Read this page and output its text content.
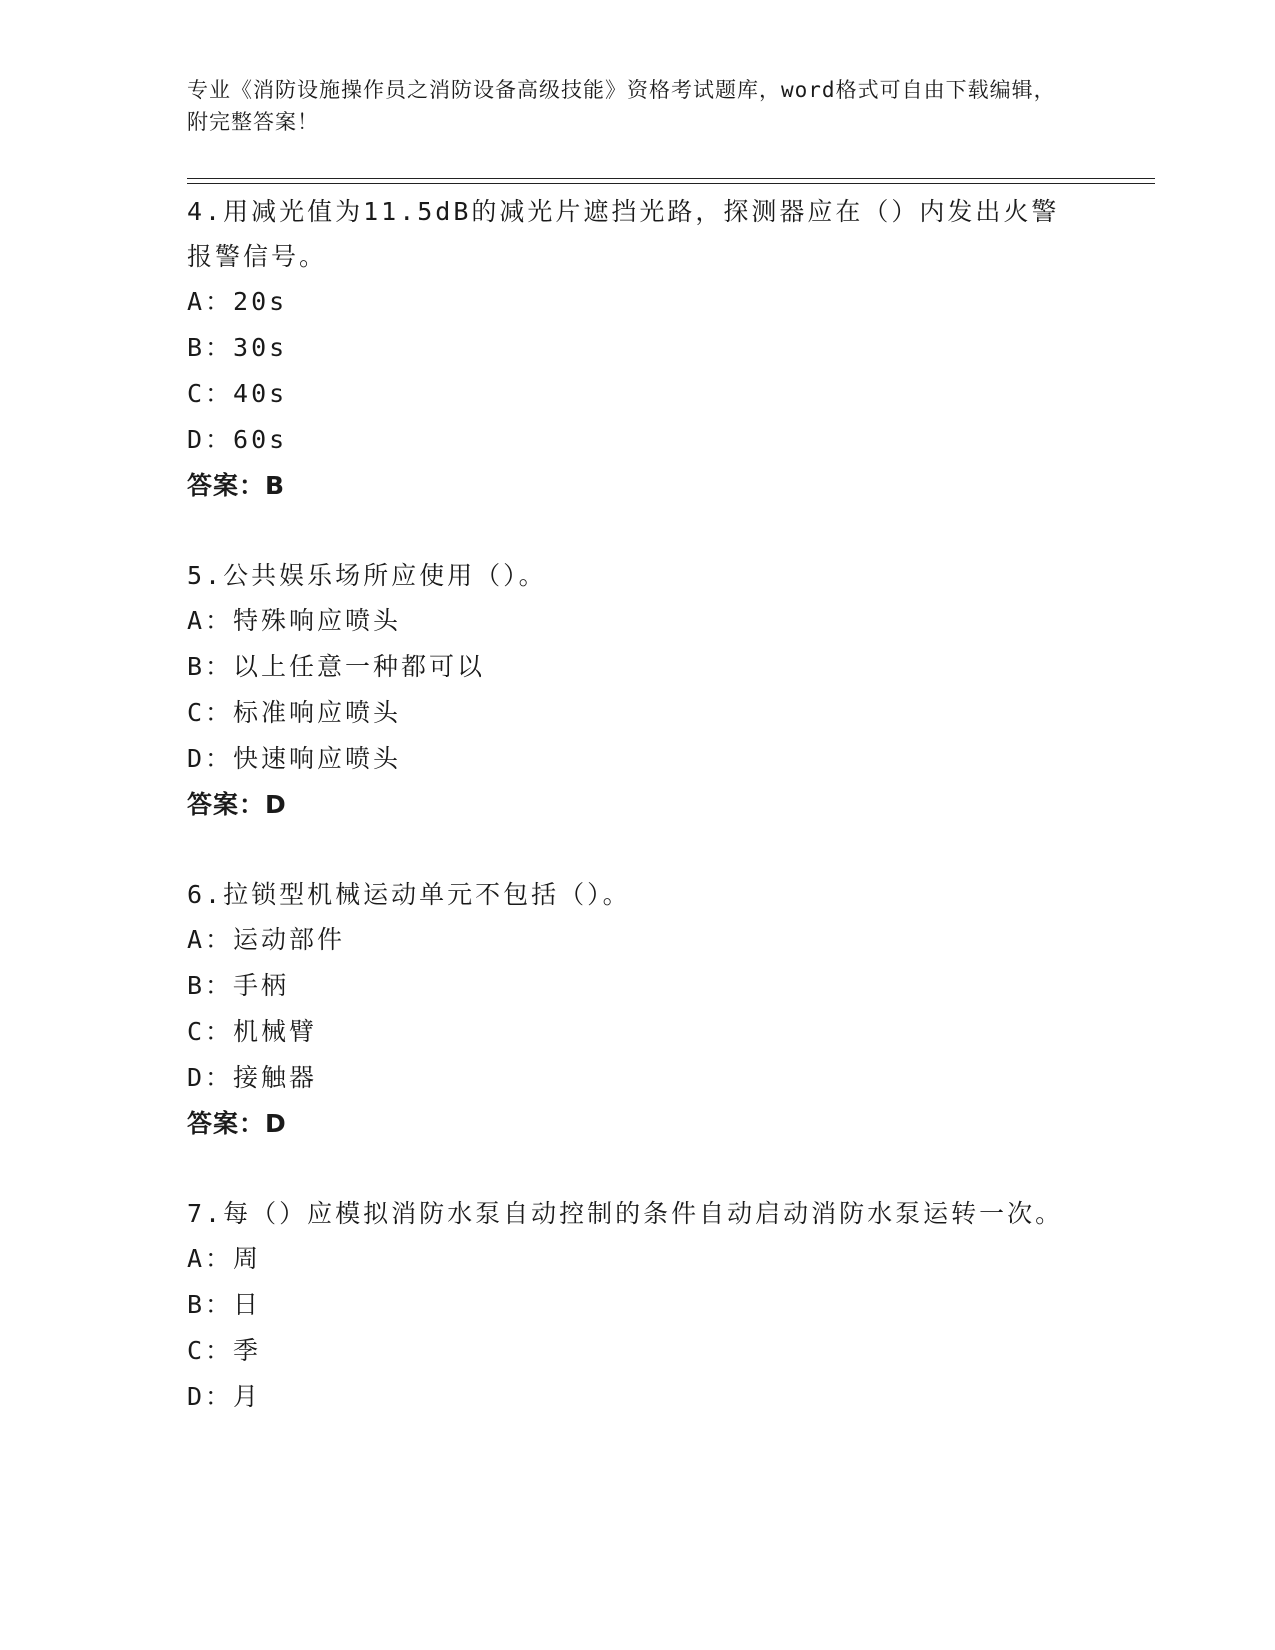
专业《消防设施操作员之消防设备高级技能》资格考试题库，word格式可自由下载编辑，附完整答案！
4.用减光值为11.5dB的减光片遮挡光路，探测器应在（）内发出火警报警信号。
A：20s
B：30s
C：40s
D：60s
答案：B
5.公共娱乐场所应使用（）。
A：特殊响应喷头
B：以上任意一种都可以
C：标准响应喷头
D：快速响应喷头
答案：D
6.拉锁型机械运动单元不包括（）。
A：运动部件
B：手柄
C：机械臂
D：接触器
答案：D
7.每（）应模拟消防水泵自动控制的条件自动启动消防水泵运转一次。
A：周
B：日
C：季
D：月
